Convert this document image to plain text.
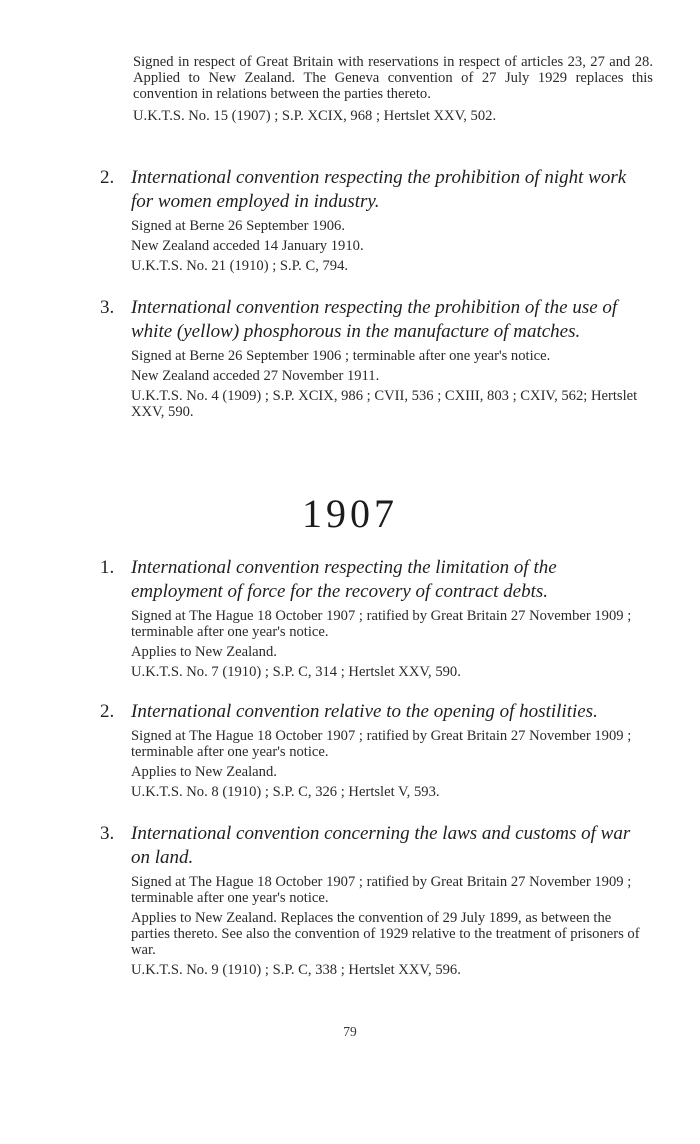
Signed in respect of Great Britain with reservations in respect of articles 23, 27 and 28. Applied to New Zealand. The Geneva convention of 27 July 1929 replaces this convention in relations between the parties thereto.

U.K.T.S. No. 15 (1907) ; S.P. XCIX, 968 ; Hertslet XXV, 502.

2. International convention respecting the prohibition of night work for women employed in industry.

Signed at Berne 26 September 1906.

New Zealand acceded 14 January 1910.

U.K.T.S. No. 21 (1910) ; S.P. C, 794.

3. International convention respecting the prohibition of the use of white (yellow) phosphorous in the manufacture of matches.

Signed at Berne 26 September 1906 ; terminable after one year's notice.

New Zealand acceded 27 November 1911.

U.K.T.S. No. 4 (1909) ; S.P. XCIX, 986 ; CVII, 536 ; CXIII, 803 ; CXIV, 562; Hertslet XXV, 590.

1907
1. International convention respecting the limitation of the employment of force for the recovery of contract debts.

Signed at The Hague 18 October 1907 ; ratified by Great Britain 27 November 1909 ; terminable after one year's notice.

Applies to New Zealand.

U.K.T.S. No. 7 (1910) ; S.P. C, 314 ; Hertslet XXV, 590.

2. International convention relative to the opening of hostilities.

Signed at The Hague 18 October 1907 ; ratified by Great Britain 27 November 1909 ; terminable after one year's notice.

Applies to New Zealand.

U.K.T.S. No. 8 (1910) ; S.P. C, 326 ; Hertslet V, 593.

3. International convention concerning the laws and customs of war on land.

Signed at The Hague 18 October 1907 ; ratified by Great Britain 27 November 1909 ; terminable after one year's notice.

Applies to New Zealand. Replaces the convention of 29 July 1899, as between the parties thereto. See also the convention of 1929 relative to the treatment of prisoners of war.

U.K.T.S. No. 9 (1910) ; S.P. C, 338 ; Hertslet XXV, 596.

79
